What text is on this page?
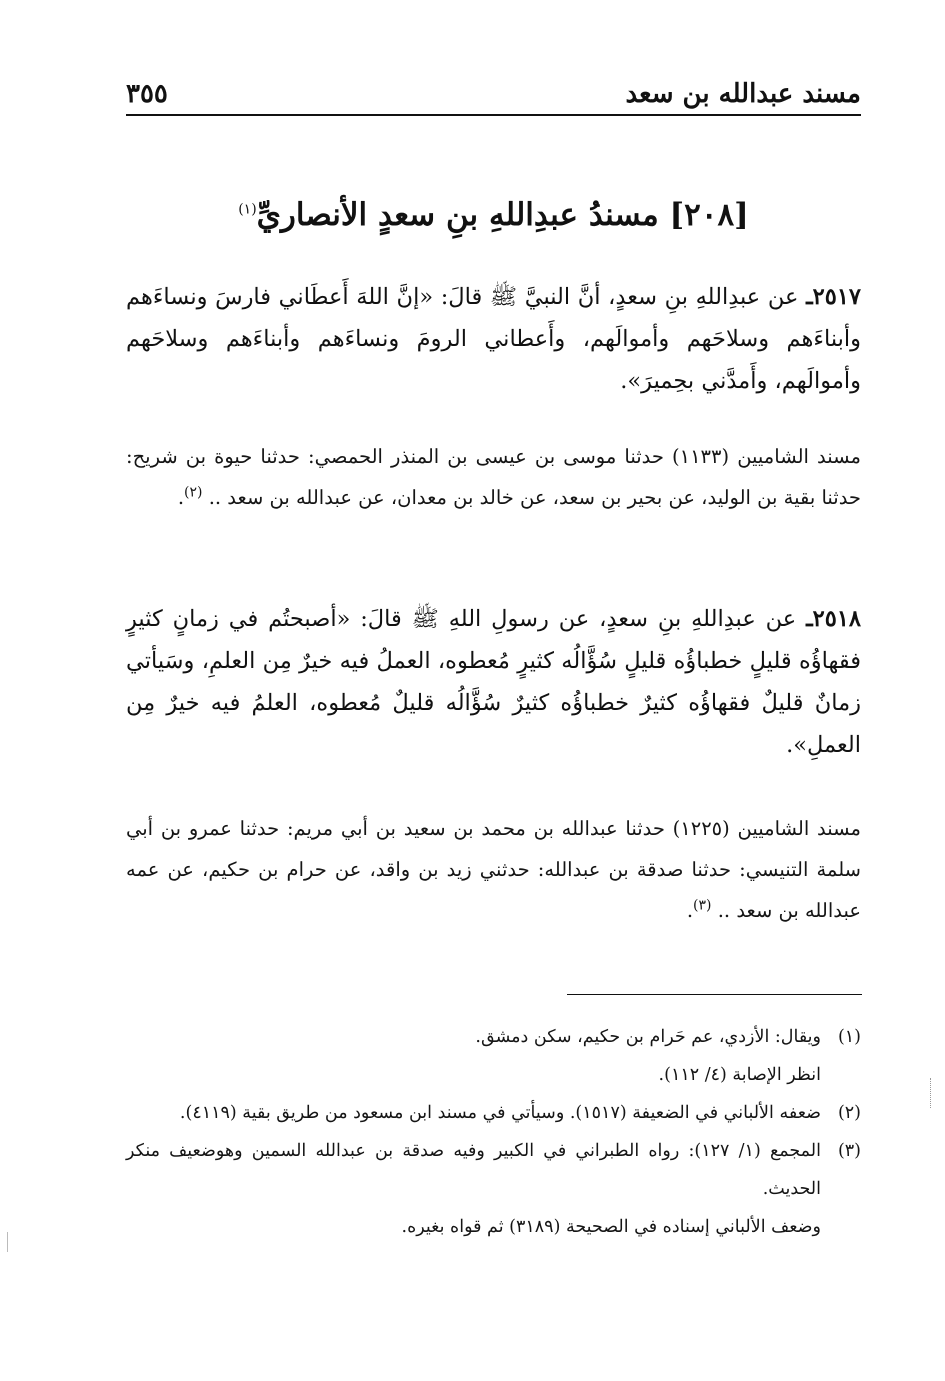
مسند عبدالله بن سعد
٣٥٥
[٢٠٨] مسندُ عبدِاللهِ بنِ سعدٍ الأنصاريِّ$^{(١)}$
٢٥١٧ـ عن عبدِاللهِ بنِ سعدٍ، أنَّ النبيَّ ﷺ قالَ: «إنَّ اللهَ أَعطَاني فارسَ ونساءَهم وأبناءَهم وسلاحَهم وأموالَهم، وأَعطاني الرومَ ونساءَهم وأبناءَهم وسلاحَهم وأموالَهم، وأَمدَّني بحِميرَ».
مسند الشاميين (١١٣٣) حدثنا موسى بن عيسى بن المنذر الحمصي: حدثنا حيوة بن شريح: حدثنا بقية بن الوليد، عن بحير بن سعد، عن خالد بن معدان، عن عبدالله بن سعد .. $^{(٢)}$.
٢٥١٨ـ عن عبدِاللهِ بنِ سعدٍ، عن رسولِ اللهِ ﷺ قالَ: «أصبحتُم في زمانٍ كثيرٍ فقهاؤُه قليلٍ خطباؤُه قليلٍ سُؤَّالُه كثيرٍ مُعطوه، العملُ فيه خيرٌ مِن العلمِ، وسَيأتي زمانٌ قليلٌ فقهاؤُه كثيرٌ خطباؤُه كثيرٌ سُؤَّالُه قليلٌ مُعطوه، العلمُ فيه خيرٌ مِن العملِ».
مسند الشاميين (١٢٢٥) حدثنا عبدالله بن محمد بن سعيد بن أبي مريم: حدثنا عمرو بن أبي سلمة التنيسي: حدثنا صدقة بن عبدالله: حدثني زيد بن واقد، عن حرام بن حكيم، عن عمه عبدالله بن سعد .. $^{(٣)}$.
(١)
ويقال: الأزدي، عم حَرام بن حكيم، سكن دمشق.
انظر الإصابة (٤/ ١١٢).
(٢)
ضعفه الألباني في الضعيفة (١٥١٧). وسيأتي في مسند ابن مسعود من طريق بقية (٤١١٩).
(٣)
المجمع (١/ ١٢٧): رواه الطبراني في الكبير وفيه صدقة بن عبدالله السمين وهوضعيف منكر الحديث.
وضعف الألباني إسناده في الصحيحة (٣١٨٩) ثم قواه بغيره.
